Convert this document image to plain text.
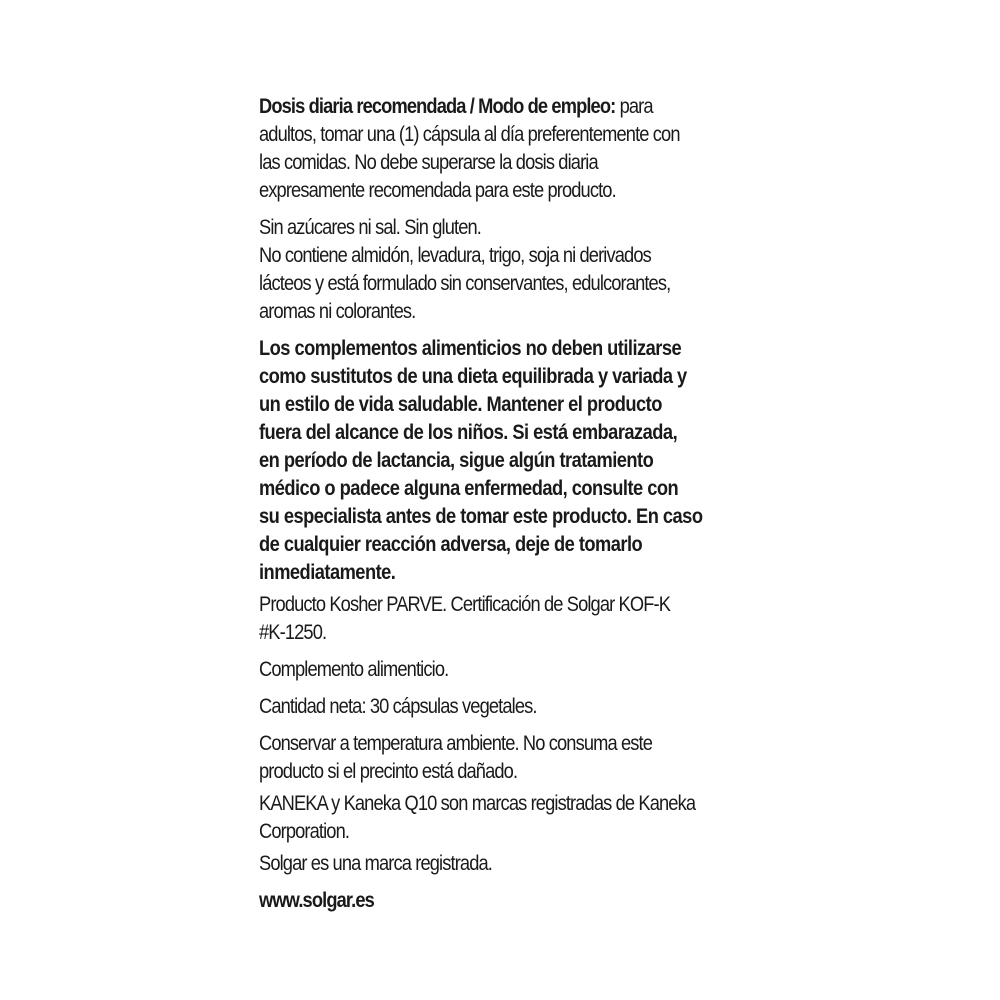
Dosis diaria recomendada / Modo de empleo: para
adultos, tomar una (1) cápsula al día preferentemente con
las comidas. No debe superarse la dosis diaria
expresamente recomendada para este producto.

Sin azúcares ni sal. Sin gluten.
No contiene almidón, levadura, trigo, soja ni derivados
lácteos y está formulado sin conservantes, edulcorantes,
aromas ni colorantes.

Los complementos alimenticios no deben utilizarse
como sustitutos de una dieta equilibrada y variada y
un estilo de vida saludable. Mantener el producto
fuera del alcance de los niños. Si está embarazada,
en período de lactancia, sigue algún tratamiento
médico o padece alguna enfermedad, consulte con
su especialista antes de tomar este producto. En caso
de cualquier reacción adversa, deje de tomarlo
inmediatamente.

Producto Kosher PARVE. Certificación de Solgar KOF-K
#K-1250.

Complemento alimenticio.

Cantidad neta: 30 cápsulas vegetales.

Conservar a temperatura ambiente. No consuma este
producto si el precinto está dañado.

KANEKA y Kaneka Q10 son marcas registradas de Kaneka
Corporation.

Solgar es una marca registrada.

www.solgar.es
